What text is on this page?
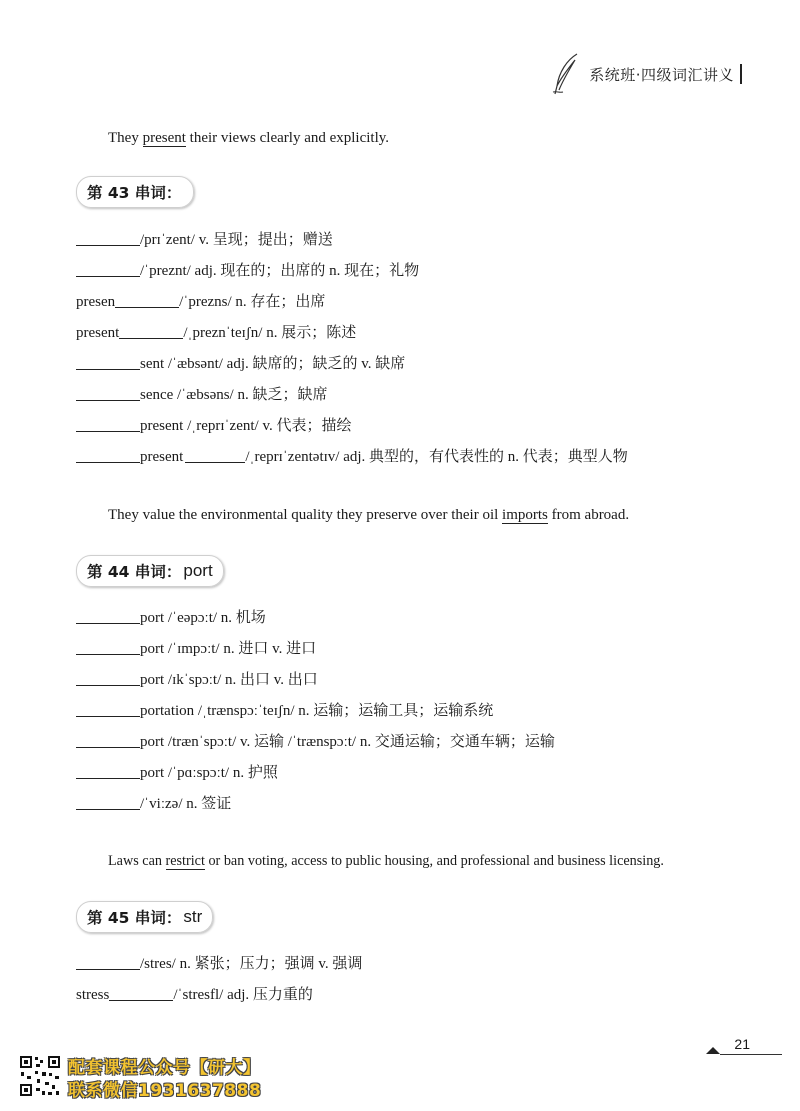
系统班·四级词汇讲义
They present their views clearly and explicitly.
第 43 串词：
/prɪˈzent/ v. 呈现；提出；赠送
/ˈpreznt/ adj. 现在的；出席的 n. 现在；礼物
presen	/ˈprezns/ n. 存在；出席
present	/ˌpreznˈteɪʃn/ n. 展示；陈述
sent /ˈæbsənt/ adj. 缺席的；缺乏的 v. 缺席
sence /ˈæbsəns/ n. 缺乏；缺席
present /ˌreprɪˈzent/ v. 代表；描绘
present	/ˌreprɪˈzentətɪv/ adj. 典型的，有代表性的 n. 代表；典型人物
They value the environmental quality they preserve over their oil imports from abroad.
第 44 串词： port
port /ˈeəpɔːt/ n. 机场
port /ˈɪmpɔːt/ n. 进口 v. 进口
port /ɪkˈspɔːt/ n. 出口 v. 出口
portation /ˌtrænspɔːˈteɪʃn/ n. 运输；运输工具；运输系统
port /trænˈspɔːt/ v. 运输 /ˈtrænspɔːt/ n. 交通运输；交通车辆；运输
port /ˈpɑːspɔːt/ n. 护照
/ˈviːzə/ n. 签证
Laws can restrict or ban voting, access to public housing, and professional and business licensing.
第 45 串词： str
/stres/ n. 紧张；压力；强调 v. 强调
stress	/ˈstresfl/ adj. 压力重的
21
配套课程公众号【研大】
联系微信1931637888
